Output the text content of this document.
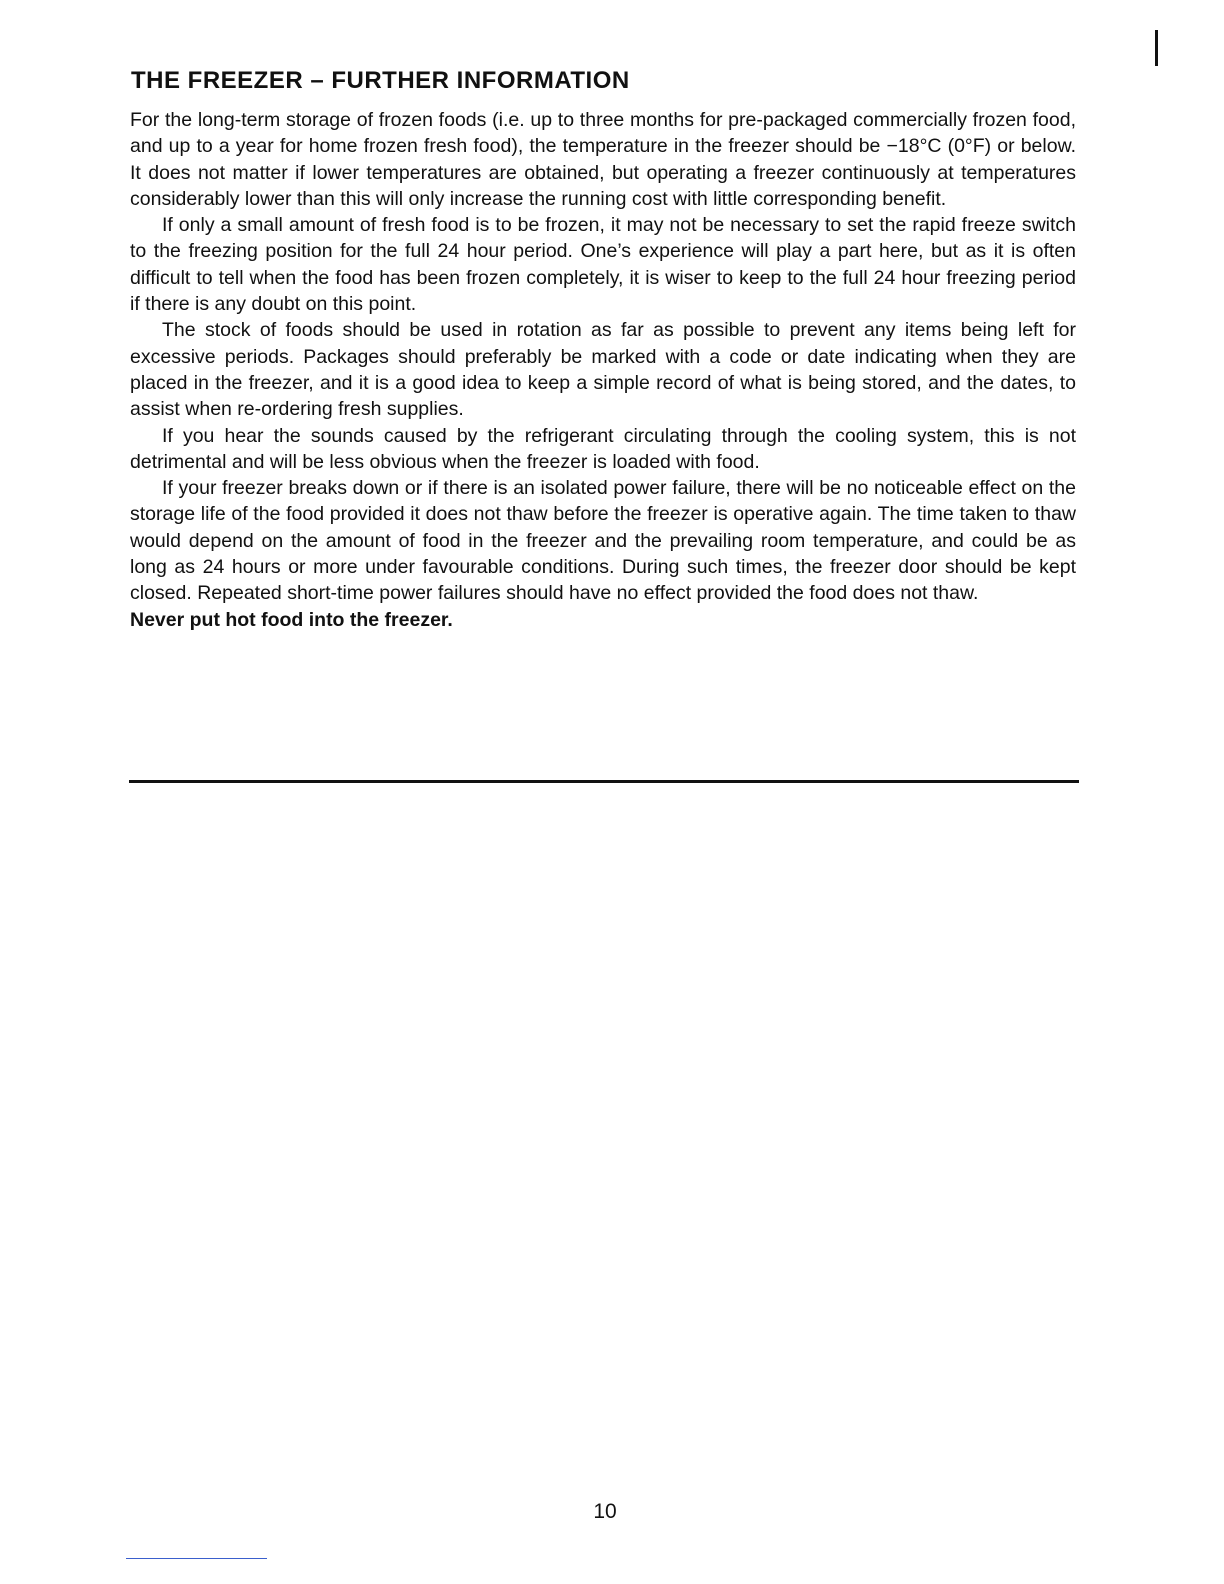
THE FREEZER – FURTHER INFORMATION

For the long-term storage of frozen foods (i.e. up to three months for pre-packaged commercially frozen food, and up to a year for home frozen fresh food), the temperature in the freezer should be −18°C (0°F) or below. It does not matter if lower temperatures are obtained, but operating a freezer continuously at temperatures considerably lower than this will only increase the running cost with little corresponding benefit.

If only a small amount of fresh food is to be frozen, it may not be necessary to set the rapid freeze switch to the freezing position for the full 24 hour period. One’s experience will play a part here, but as it is often difficult to tell when the food has been frozen completely, it is wiser to keep to the full 24 hour freezing period if there is any doubt on this point.

The stock of foods should be used in rotation as far as possible to prevent any items being left for excessive periods. Packages should preferably be marked with a code or date indicating when they are placed in the freezer, and it is a good idea to keep a simple record of what is being stored, and the dates, to assist when re-ordering fresh supplies.

If you hear the sounds caused by the refrigerant circulating through the cooling system, this is not detrimental and will be less obvious when the freezer is loaded with food.

If your freezer breaks down or if there is an isolated power failure, there will be no noticeable effect on the storage life of the food provided it does not thaw before the freezer is operative again. The time taken to thaw would depend on the amount of food in the freezer and the prevailing room temperature, and could be as long as 24 hours or more under favourable conditions. During such times, the freezer door should be kept closed. Repeated short-time power failures should have no effect provided the food does not thaw.

Never put hot food into the freezer.

10
